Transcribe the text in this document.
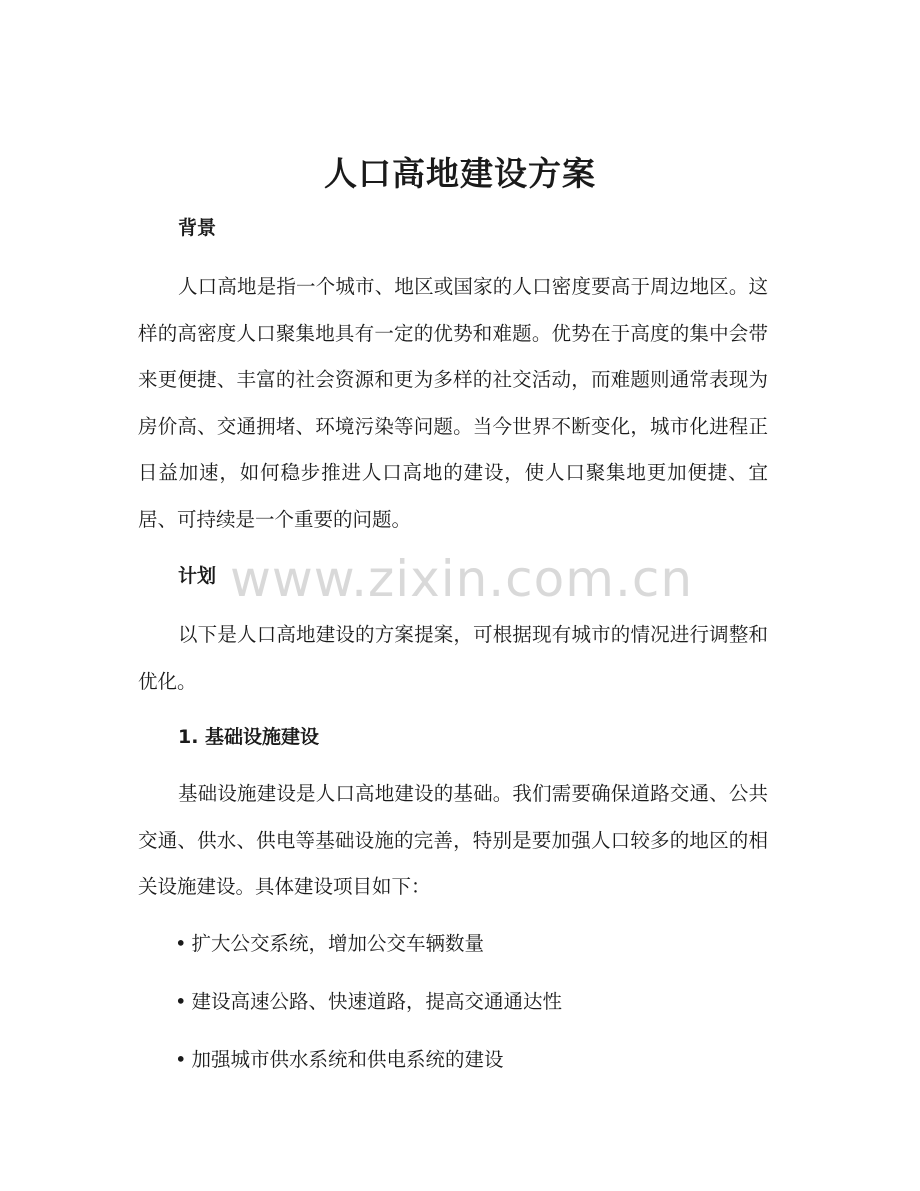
人口高地建设方案
背景
人口高地是指一个城市、地区或国家的人口密度要高于周边地区。这样的高密度人口聚集地具有一定的优势和难题。优势在于高度的集中会带来更便捷、丰富的社会资源和更为多样的社交活动，而难题则通常表现为房价高、交通拥堵、环境污染等问题。当今世界不断变化，城市化进程正日益加速，如何稳步推进人口高地的建设，使人口聚集地更加便捷、宜居、可持续是一个重要的问题。
计划
以下是人口高地建设的方案提案，可根据现有城市的情况进行调整和优化。
1. 基础设施建设
基础设施建设是人口高地建设的基础。我们需要确保道路交通、公共交通、供水、供电等基础设施的完善，特别是要加强人口较多的地区的相关设施建设。具体建设项目如下：
• 扩大公交系统，增加公交车辆数量
• 建设高速公路、快速道路，提高交通通达性
• 加强城市供水系统和供电系统的建设
www.zixin.com.cn
